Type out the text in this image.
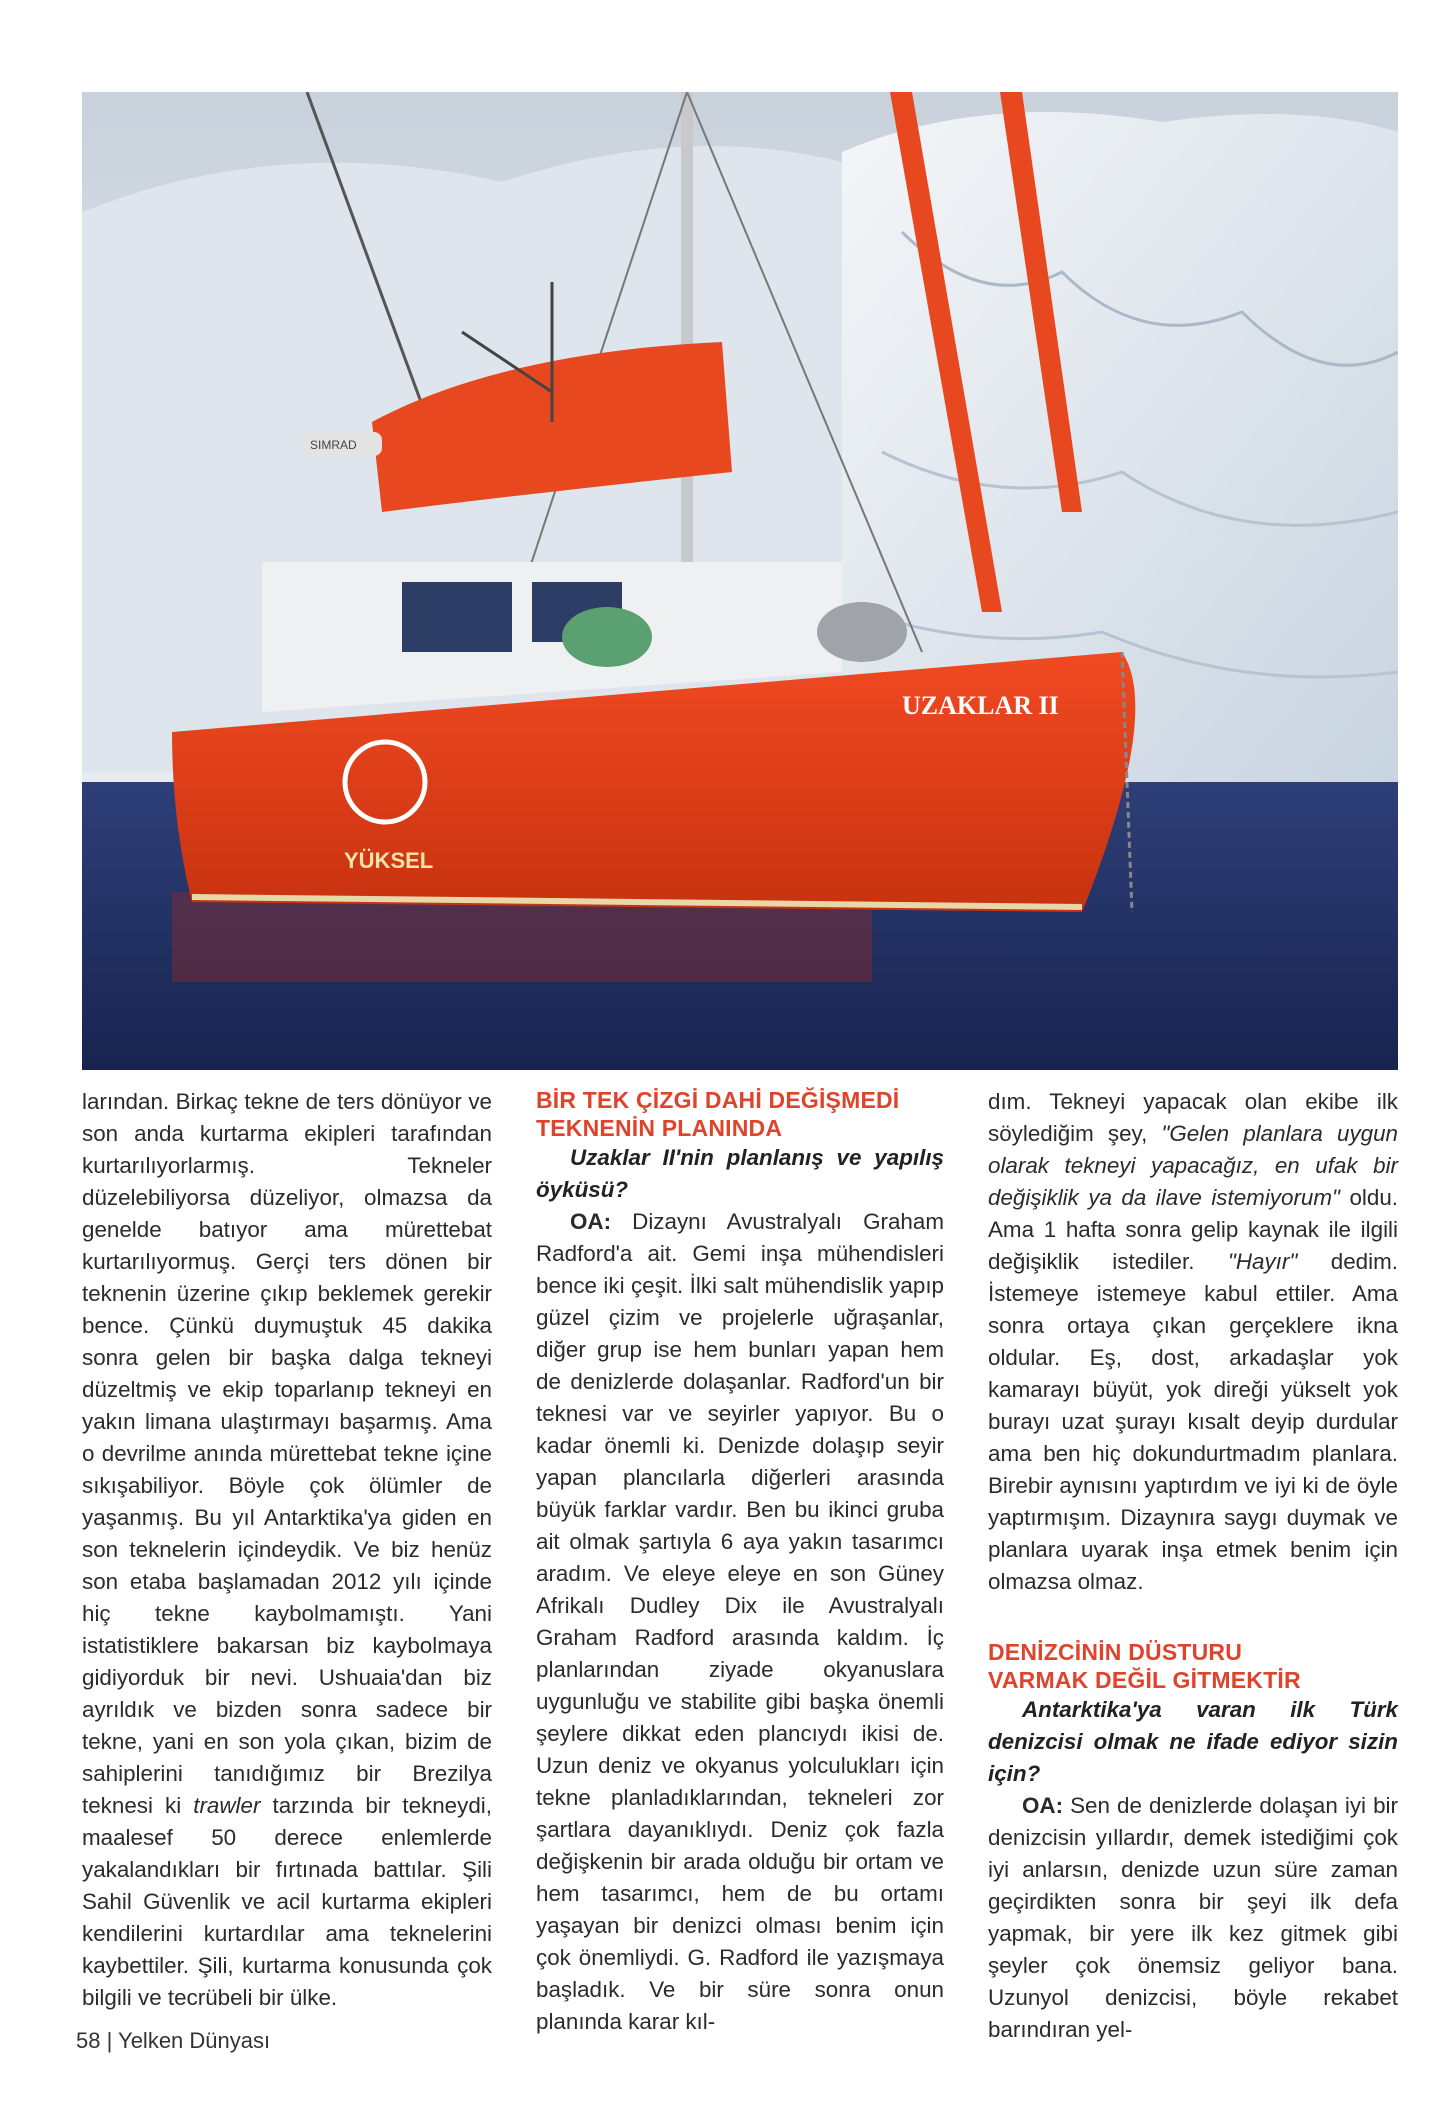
UZAKLAR II
YÜKSEL
SIMRAD

larından. Birkaç tekne de ters dönüyor ve son anda kurtarma ekipleri tarafından kurtarılıyorlarmış. Tekneler düzelebiliyorsa düzeliyor, olmazsa da genelde batıyor ama mürettebat kurtarılıyormuş. Gerçi ters dönen bir teknenin üzerine çıkıp beklemek gerekir bence. Çünkü duymuştuk 45 dakika sonra gelen bir başka dalga tekneyi düzeltmiş ve ekip toparlanıp tekneyi en yakın limana ulaştırmayı başarmış. Ama o devrilme anında mürettebat tekne içine sıkışabiliyor. Böyle çok ölümler de yaşanmış. Bu yıl Antarktika'ya giden en son teknelerin içindeydik. Ve biz henüz son etaba başlamadan 2012 yılı içinde hiç tekne kaybolmamıştı. Yani istatistiklere bakarsan biz kaybolmaya gidiyorduk bir nevi. Ushuaia'dan biz ayrıldık ve bizden sonra sadece bir tekne, yani en son yola çıkan, bizim de sahiplerini tanıdığımız bir Brezilya teknesi ki trawler tarzında bir tekneydi, maalesef 50 derece enlemlerde yakalandıkları bir fırtınada battılar. Şili Sahil Güvenlik ve acil kurtarma ekipleri kendilerini kurtardılar ama teknelerini kaybettiler. Şili, kurtarma konusunda çok bilgili ve tecrübeli bir ülke.

BİR TEK ÇİZGİ DAHİ DEĞİŞMEDİ
TEKNENİN PLANINDA

Uzaklar II'nin planlanış ve yapılış öyküsü?

OA: Dizaynı Avustralyalı Graham Radford'a ait. Gemi inşa mühendisleri bence iki çeşit. İlki salt mühendislik yapıp güzel çizim ve projelerle uğraşanlar, diğer grup ise hem bunları yapan hem de denizlerde dolaşanlar. Radford'un bir teknesi var ve seyirler yapıyor. Bu o kadar önemli ki. Denizde dolaşıp seyir yapan plancılarla diğerleri arasında büyük farklar vardır. Ben bu ikinci gruba ait olmak şartıyla 6 aya yakın tasarımcı aradım. Ve eleye eleye en son Güney Afrikalı Dudley Dix ile Avustralyalı Graham Radford arasında kaldım. İç planlarından ziyade okyanuslara uygunluğu ve stabilite gibi başka önemli şeylere dikkat eden plancıydı ikisi de. Uzun deniz ve okyanus yolculukları için tekne planladıklarından, tekneleri zor şartlara dayanıklıydı. Deniz çok fazla değişkenin bir arada olduğu bir ortam ve hem tasarımcı, hem de bu ortamı yaşayan bir denizci olması benim için çok önemliydi. G. Radford ile yazışmaya başladık. Ve bir süre sonra onun planında karar kıl-

dım. Tekneyi yapacak olan ekibe ilk söylediğim şey, "Gelen planlara uygun olarak tekneyi yapacağız, en ufak bir değişiklik ya da ilave istemiyorum" oldu. Ama 1 hafta sonra gelip kaynak ile ilgili değişiklik istediler. "Hayır" dedim. İstemeye istemeye kabul ettiler. Ama sonra ortaya çıkan gerçeklere ikna oldular. Eş, dost, arkadaşlar yok kamarayı büyüt, yok direği yükselt yok burayı uzat şurayı kısalt deyip durdular ama ben hiç dokundurtmadım planlara. Birebir aynısını yaptırdım ve iyi ki de öyle yaptırmışım. Dizaynıra saygı duymak ve planlara uyarak inşa etmek benim için olmazsa olmaz.

DENİZCİNİN DÜSTURU
VARMAK DEĞİL GİTMEKTİR

Antarktika'ya varan ilk Türk denizcisi olmak ne ifade ediyor sizin için?

OA: Sen de denizlerde dolaşan iyi bir denizcisin yıllardır, demek istediğimi çok iyi anlarsın, denizde uzun süre zaman geçirdikten sonra bir şeyi ilk defa yapmak, bir yere ilk kez gitmek gibi şeyler çok önemsiz geliyor bana. Uzunyol denizcisi, böyle rekabet barındıran yel-

58 | Yelken Dünyası
